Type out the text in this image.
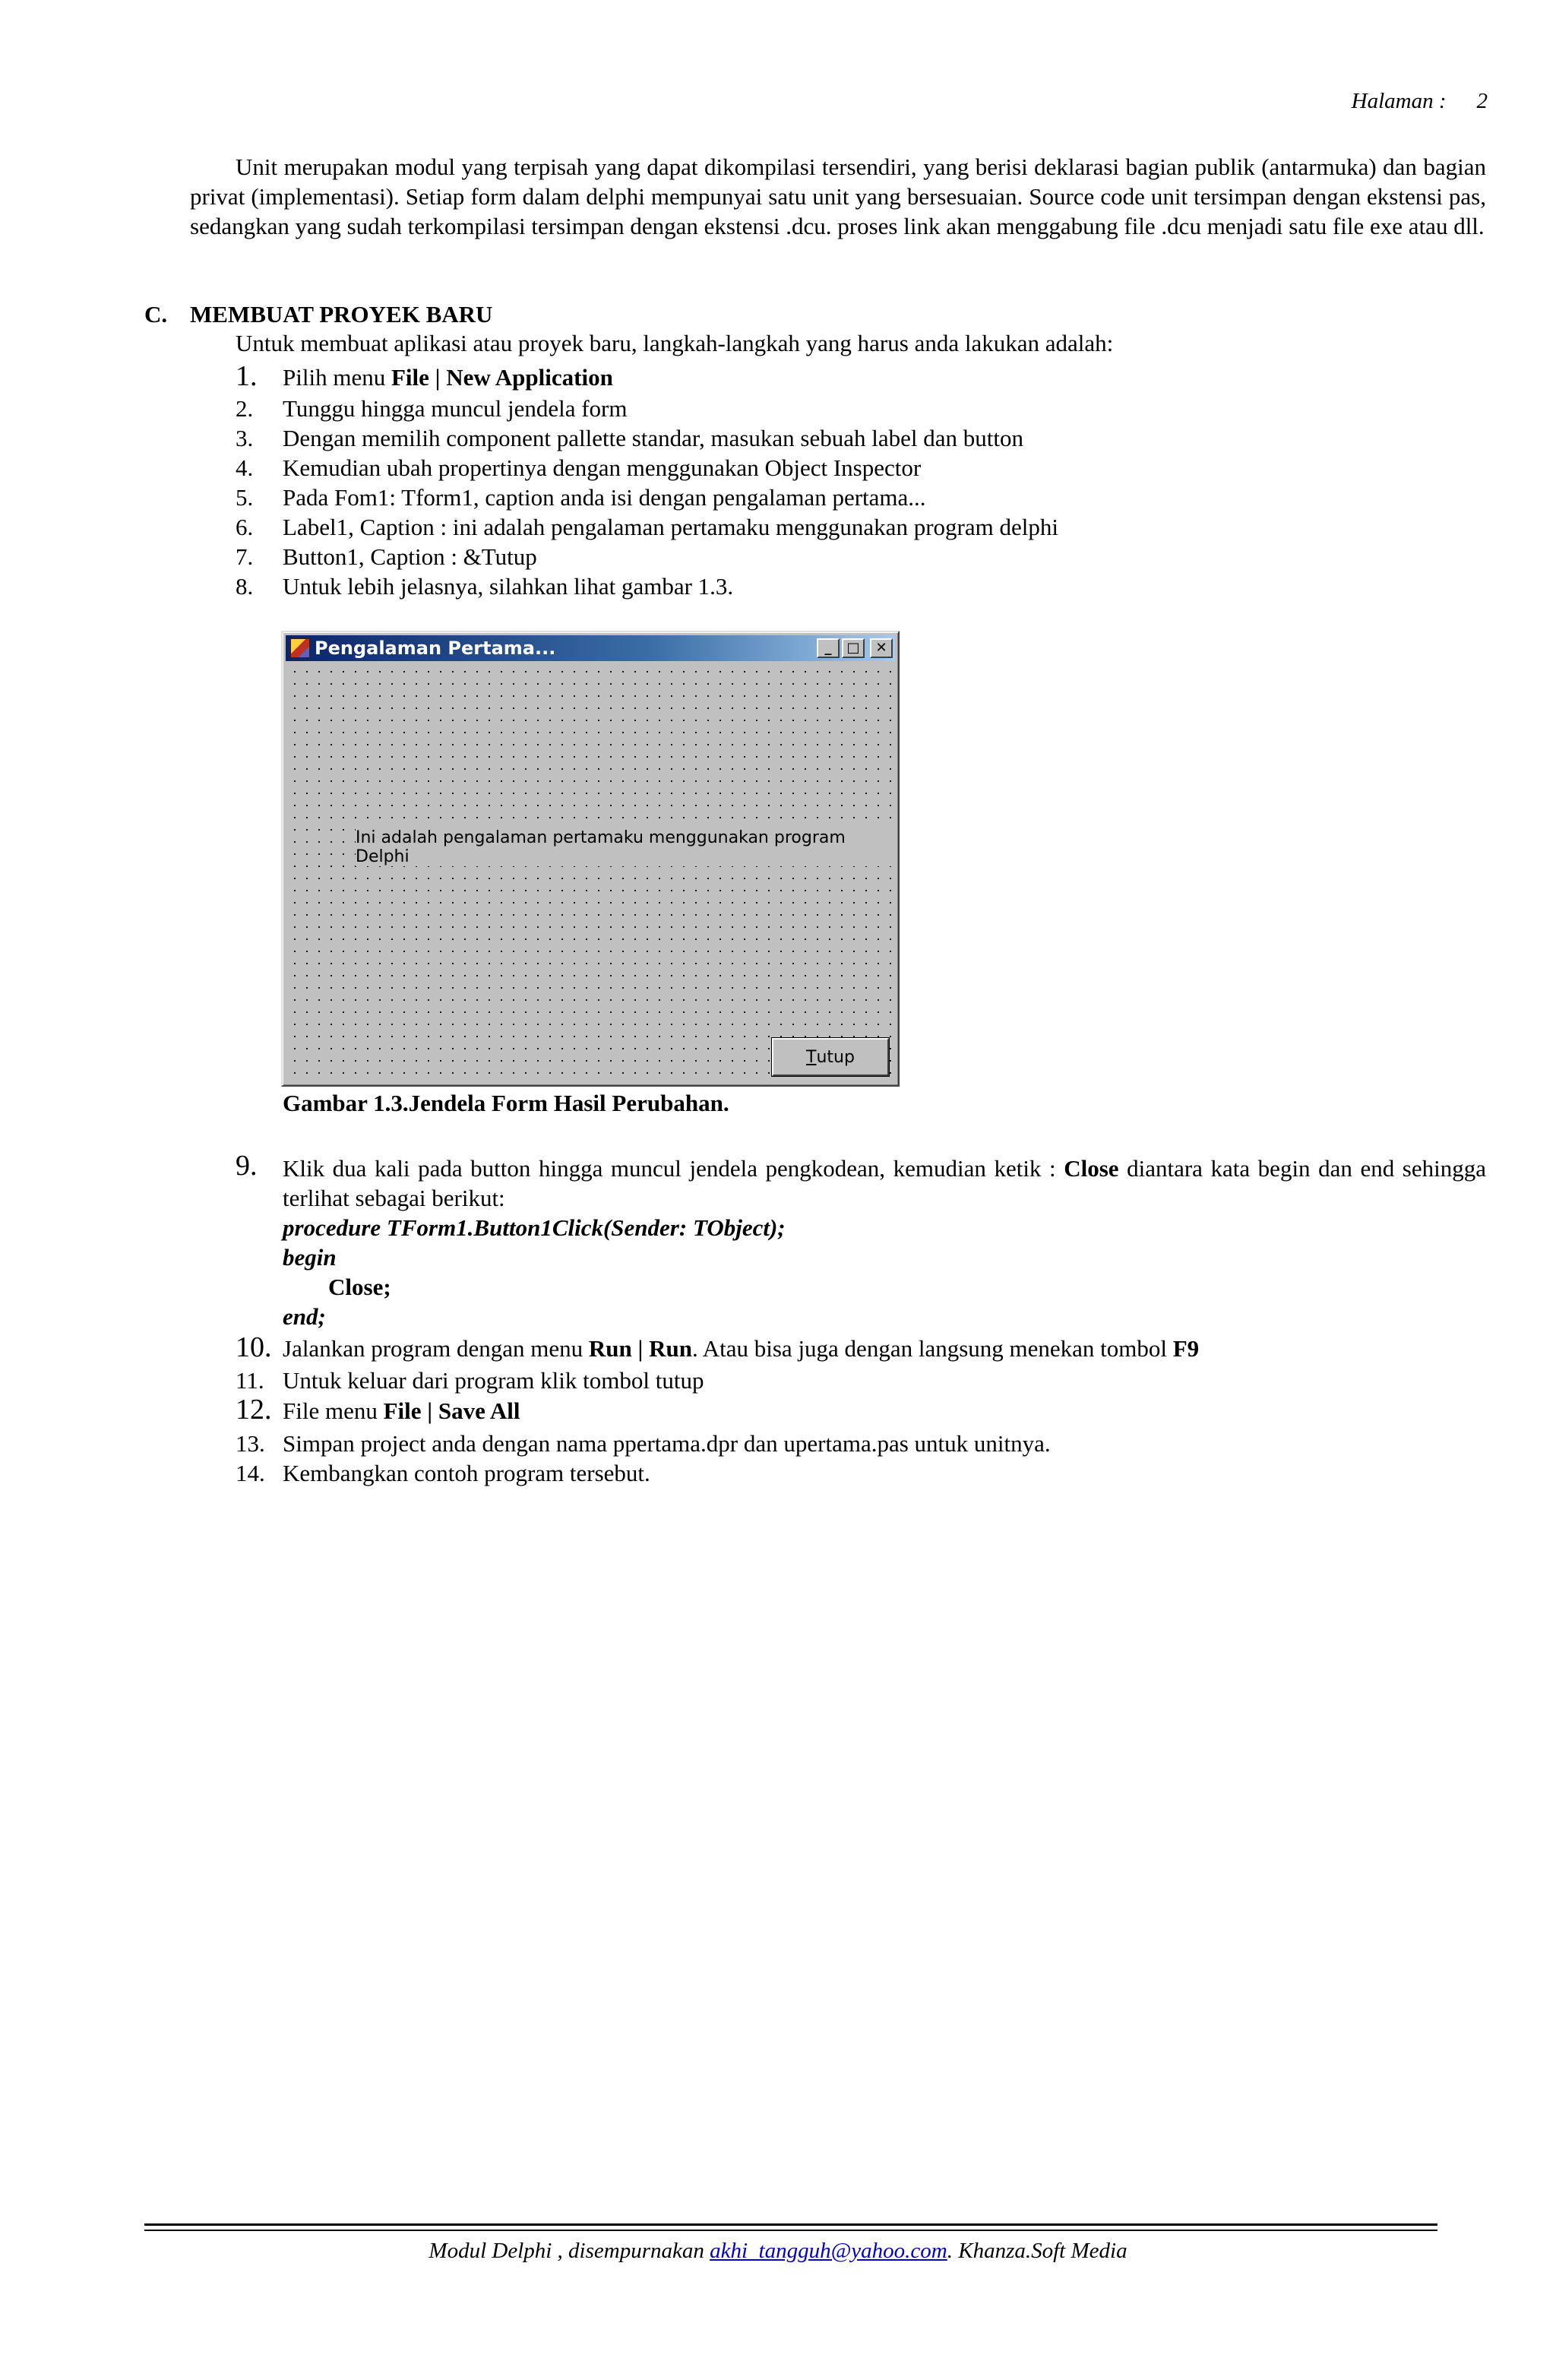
Halaman : 2

Unit merupakan modul yang terpisah yang dapat dikompilasi tersendiri, yang berisi deklarasi bagian publik (antarmuka) dan bagian privat (implementasi). Setiap form dalam delphi mempunyai satu unit yang bersesuaian. Source code unit tersimpan dengan ekstensi pas, sedangkan yang sudah terkompilasi tersimpan dengan ekstensi .dcu. proses link akan menggabung file .dcu menjadi satu file exe atau dll.

C. MEMBUAT PROYEK BARU
Untuk membuat aplikasi atau proyek baru, langkah-langkah yang harus anda lakukan adalah:
1. Pilih menu File | New Application
2. Tunggu hingga muncul jendela form
3. Dengan memilih component pallette standar, masukan sebuah label dan button
4. Kemudian ubah propertinya dengan menggunakan Object Inspector
5. Pada Fom1: Tform1, caption anda isi dengan pengalaman pertama...
6. Label1, Caption : ini adalah pengalaman pertamaku menggunakan program delphi
7. Button1, Caption : &Tutup
8. Untuk lebih jelasnya, silahkan lihat gambar 1.3.
Pengalaman Pertama...	_	□	✕
Ini adalah pengalaman pertamaku menggunakan program Delphi
T utup
Gambar 1.3.Jendela Form Hasil Perubahan.
9. Klik dua kali pada button hingga muncul jendela pengkodean, kemudian ketik : Close diantara kata begin dan end sehingga terlihat sebagai berikut:
procedure TForm1.Button1Click(Sender: TObject);
begin
Close;
end;
10. Jalankan program dengan menu Run | Run. Atau bisa juga dengan langsung menekan tombol F9
11. Untuk keluar dari program klik tombol tutup
12. File menu File | Save All
13. Simpan project anda dengan nama ppertama.dpr dan upertama.pas untuk unitnya.
14. Kembangkan contoh program tersebut.
Modul Delphi , disempurnakan akhi_tangguh@yahoo.com. Khanza.Soft Media
